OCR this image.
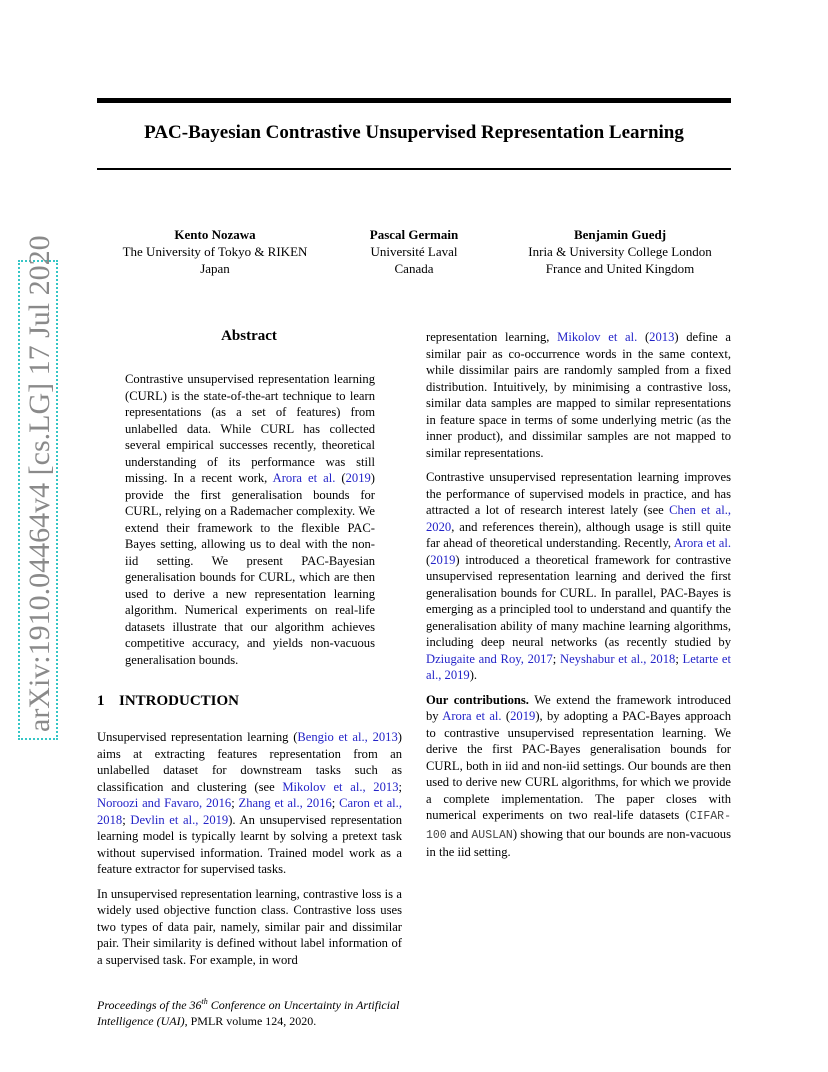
PAC-Bayesian Contrastive Unsupervised Representation Learning
Kento Nozawa
The University of Tokyo & RIKEN
Japan
Pascal Germain
Université Laval
Canada
Benjamin Guedj
Inria & University College London
France and United Kingdom
arXiv:1910.04464v4 [cs.LG] 17 Jul 2020	Abstract
Contrastive unsupervised representation learning (CURL) is the state-of-the-art technique to learn representations (as a set of features) from unlabelled data. While CURL has collected several empirical successes recently, theoretical understanding of its performance was still missing. In a recent work, Arora et al. (2019) provide the first generalisation bounds for CURL, relying on a Rademacher complexity. We extend their framework to the flexible PAC-Bayes setting, allowing us to deal with the non-iid setting. We present PAC-Bayesian generalisation bounds for CURL, which are then used to derive a new representation learning algorithm. Numerical experiments on real-life datasets illustrate that our algorithm achieves competitive accuracy, and yields non-vacuous generalisation bounds.
1 INTRODUCTION

Unsupervised representation learning (Bengio et al., 2013) aims at extracting features representation from an unlabelled dataset for downstream tasks such as classification and clustering (see Mikolov et al., 2013; Noroozi and Favaro, 2016; Zhang et al., 2016; Caron et al., 2018; Devlin et al., 2019). An unsupervised representation learning model is typically learnt by solving a pretext task without supervised information. Trained model work as a feature extractor for supervised tasks.

In unsupervised representation learning, contrastive loss is a widely used objective function class. Contrastive loss uses two types of data pair, namely, similar pair and dissimilar pair. Their similarity is defined without label information of a supervised task. For example, in word

representation learning, Mikolov et al. (2013) define a similar pair as co-occurrence words in the same context, while dissimilar pairs are randomly sampled from a fixed distribution. Intuitively, by minimising a contrastive loss, similar data samples are mapped to similar representations in feature space in terms of some underlying metric (as the inner product), and dissimilar samples are not mapped to similar representations.

Contrastive unsupervised representation learning improves the performance of supervised models in practice, and has attracted a lot of research interest lately (see Chen et al., 2020, and references therein), although usage is still quite far ahead of theoretical understanding. Recently, Arora et al. (2019) introduced a theoretical framework for contrastive unsupervised representation learning and derived the first generalisation bounds for CURL. In parallel, PAC-Bayes is emerging as a principled tool to understand and quantify the generalisation ability of many machine learning algorithms, including deep neural networks (as recently studied by Dziugaite and Roy, 2017; Neyshabur et al., 2018; Letarte et al., 2019).

Our contributions. We extend the framework introduced by Arora et al. (2019), by adopting a PAC-Bayes approach to contrastive unsupervised representation learning. We derive the first PAC-Bayes generalisation bounds for CURL, both in iid and non-iid settings. Our bounds are then used to derive new CURL algorithms, for which we provide a complete implementation. The paper closes with numerical experiments on two real-life datasets (CIFAR-100 and AUSLAN) showing that our bounds are non-vacuous in the iid setting.

Proceedings of the 36th Conference on Uncertainty in Artificial Intelligence (UAI), PMLR volume 124, 2020.
